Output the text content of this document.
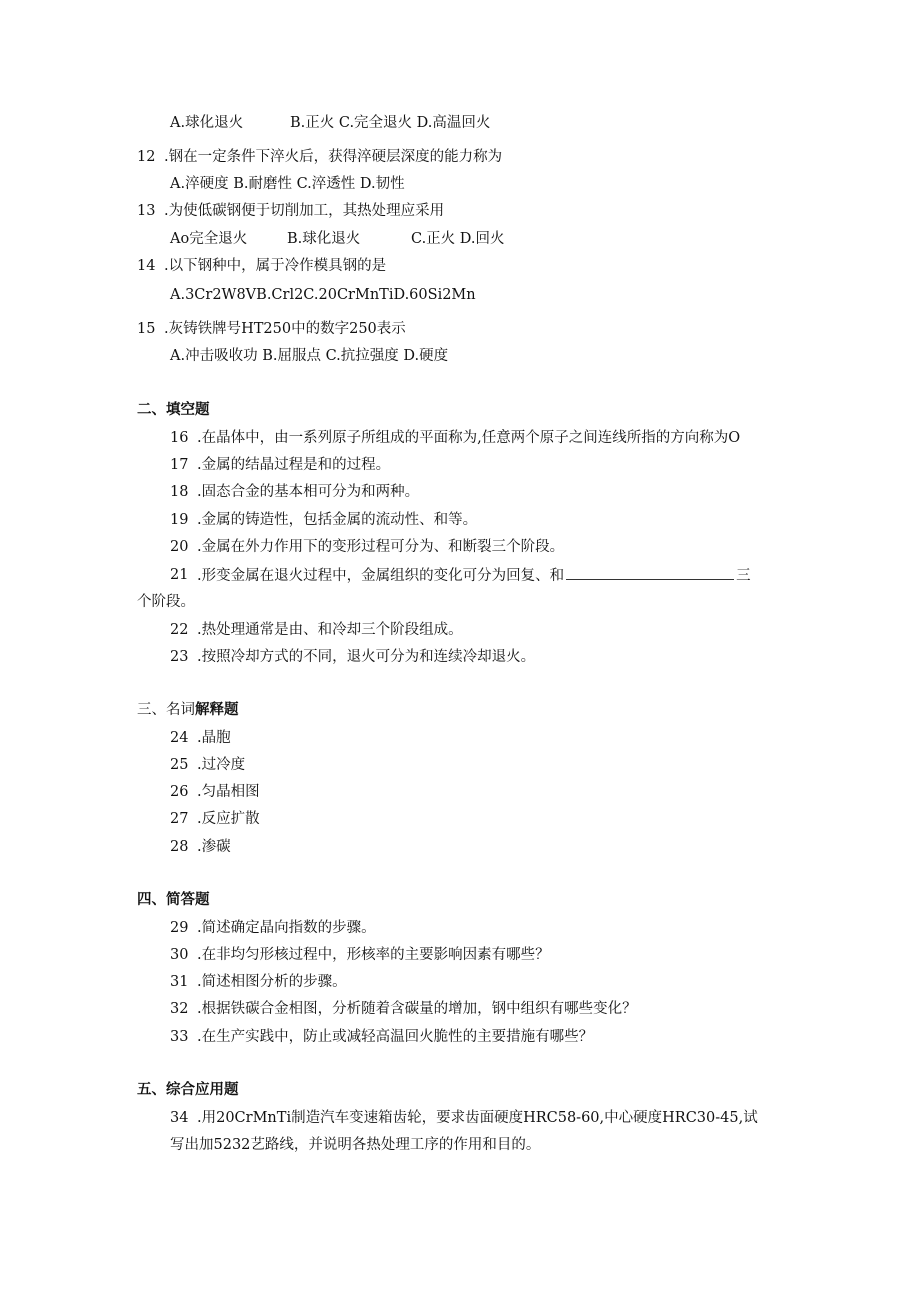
A.球化退火	B.正火 C.完全退火 D.高温回火
12 .钢在一定条件下淬火后，获得淬硬层深度的能力称为
A.淬硬度 B.耐磨性 C.淬透性 D.韧性
13 .为使低碳钢便于切削加工，其热处理应采用
Ao完全退火	B.球化退火	C.正火 D.回火
14 .以下钢种中，属于冷作模具钢的是
A.3Cr2W8VB.Crl2C.20CrMnTiD.60Si2Mn
15 .灰铸铁牌号HT250中的数字250表示
A.冲击吸收功 B.屈服点 C.抗拉强度 D.硬度
二、填空题
16 .在晶体中，由一系列原子所组成的平面称为,任意两个原子之间连线所指的方向称为O
17 .金属的结晶过程是和的过程。
18 .固态合金的基本相可分为和两种。
19 .金属的铸造性，包括金属的流动性、和等。
20 .金属在外力作用下的变形过程可分为、和断裂三个阶段。
21 .形变金属在退火过程中，金属组织的变化可分为回复、和	三
个阶段。
22 .热处理通常是由、和冷却三个阶段组成。
23 .按照冷却方式的不同，退火可分为和连续冷却退火。
三、名词解释题
24 .晶胞
25 .过冷度
26 .匀晶相图
27 .反应扩散
28 .渗碳
四、简答题
29 .简述确定晶向指数的步骤。
30 .在非均匀形核过程中，形核率的主要影响因素有哪些？
31 .简述相图分析的步骤。
32 .根据铁碳合金相图，分析随着含碳量的增加，钢中组织有哪些变化？
33 .在生产实践中，防止或减轻高温回火脆性的主要措施有哪些？
五、综合应用题
34 .用20CrMnTi制造汽车变速箱齿轮，要求齿面硬度HRC58-60,中心硬度HRC30-45,试
写出加5232艺路线，并说明各热处理工序的作用和目的。
